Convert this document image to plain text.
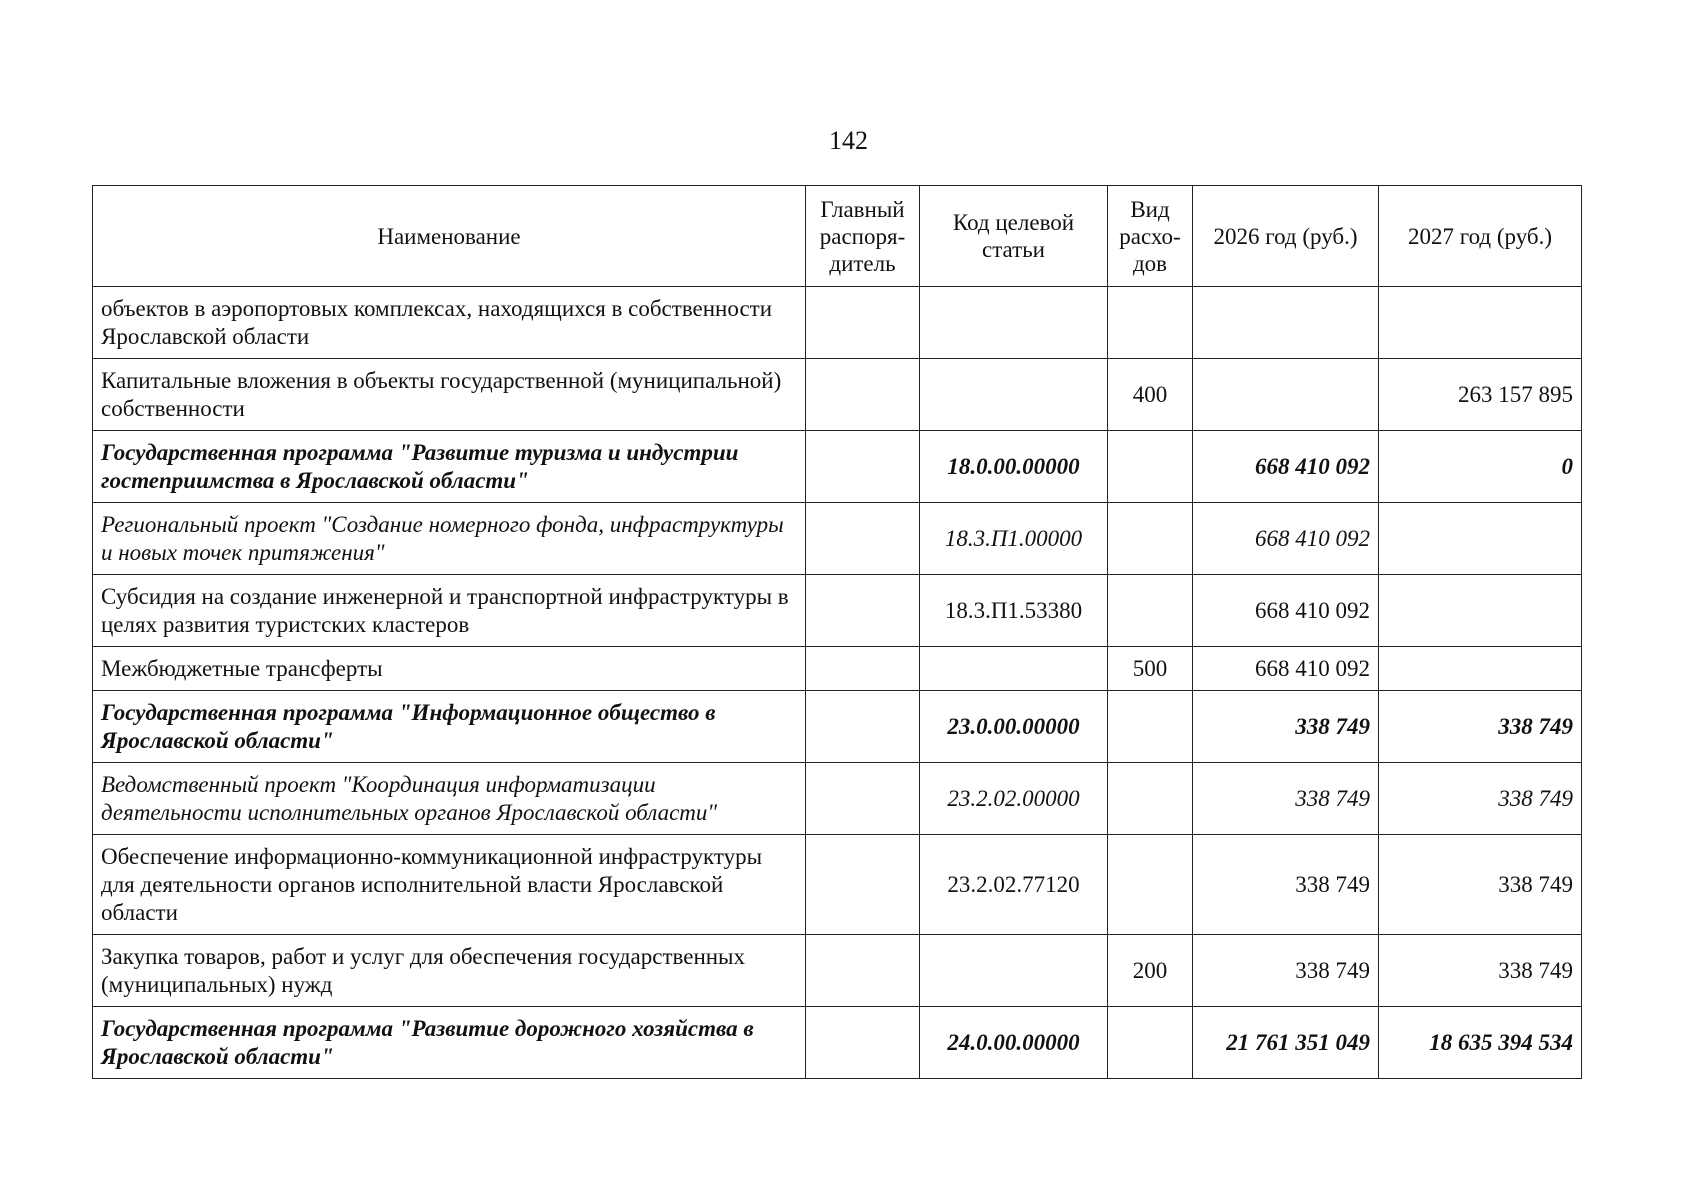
142
Наименование	Главный распоря-дитель	Код целевой статьи	Вид расхо-дов	2026 год (руб.)	2027 год (руб.)
объектов в аэропортовых комплексах, находящихся в собственности Ярославской области					
Капитальные вложения в объекты государственной (муниципальной) собственности			400		263 157 895
Государственная программа "Развитие туризма и индустрии гостеприимства в Ярославской области"		18.0.00.00000		668 410 092	0
Региональный проект "Создание номерного фонда, инфраструктуры и новых точек притяжения"		18.3.П1.00000		668 410 092	
Субсидия на создание инженерной и транспортной инфраструктуры в целях развития туристских кластеров		18.3.П1.53380		668 410 092	
Межбюджетные трансферты			500	668 410 092	
Государственная программа "Информационное общество в Ярославской области"		23.0.00.00000		338 749	338 749
Ведомственный проект "Координация информатизации деятельности исполнительных органов Ярославской области"		23.2.02.00000		338 749	338 749
Обеспечение информационно-коммуникационной инфраструктуры для деятельности органов исполнительной власти Ярославской области		23.2.02.77120		338 749	338 749
Закупка товаров, работ и услуг для обеспечения государственных (муниципальных) нужд			200	338 749	338 749
Государственная программа "Развитие дорожного хозяйства в Ярославской области"		24.0.00.00000		21 761 351 049	18 635 394 534
